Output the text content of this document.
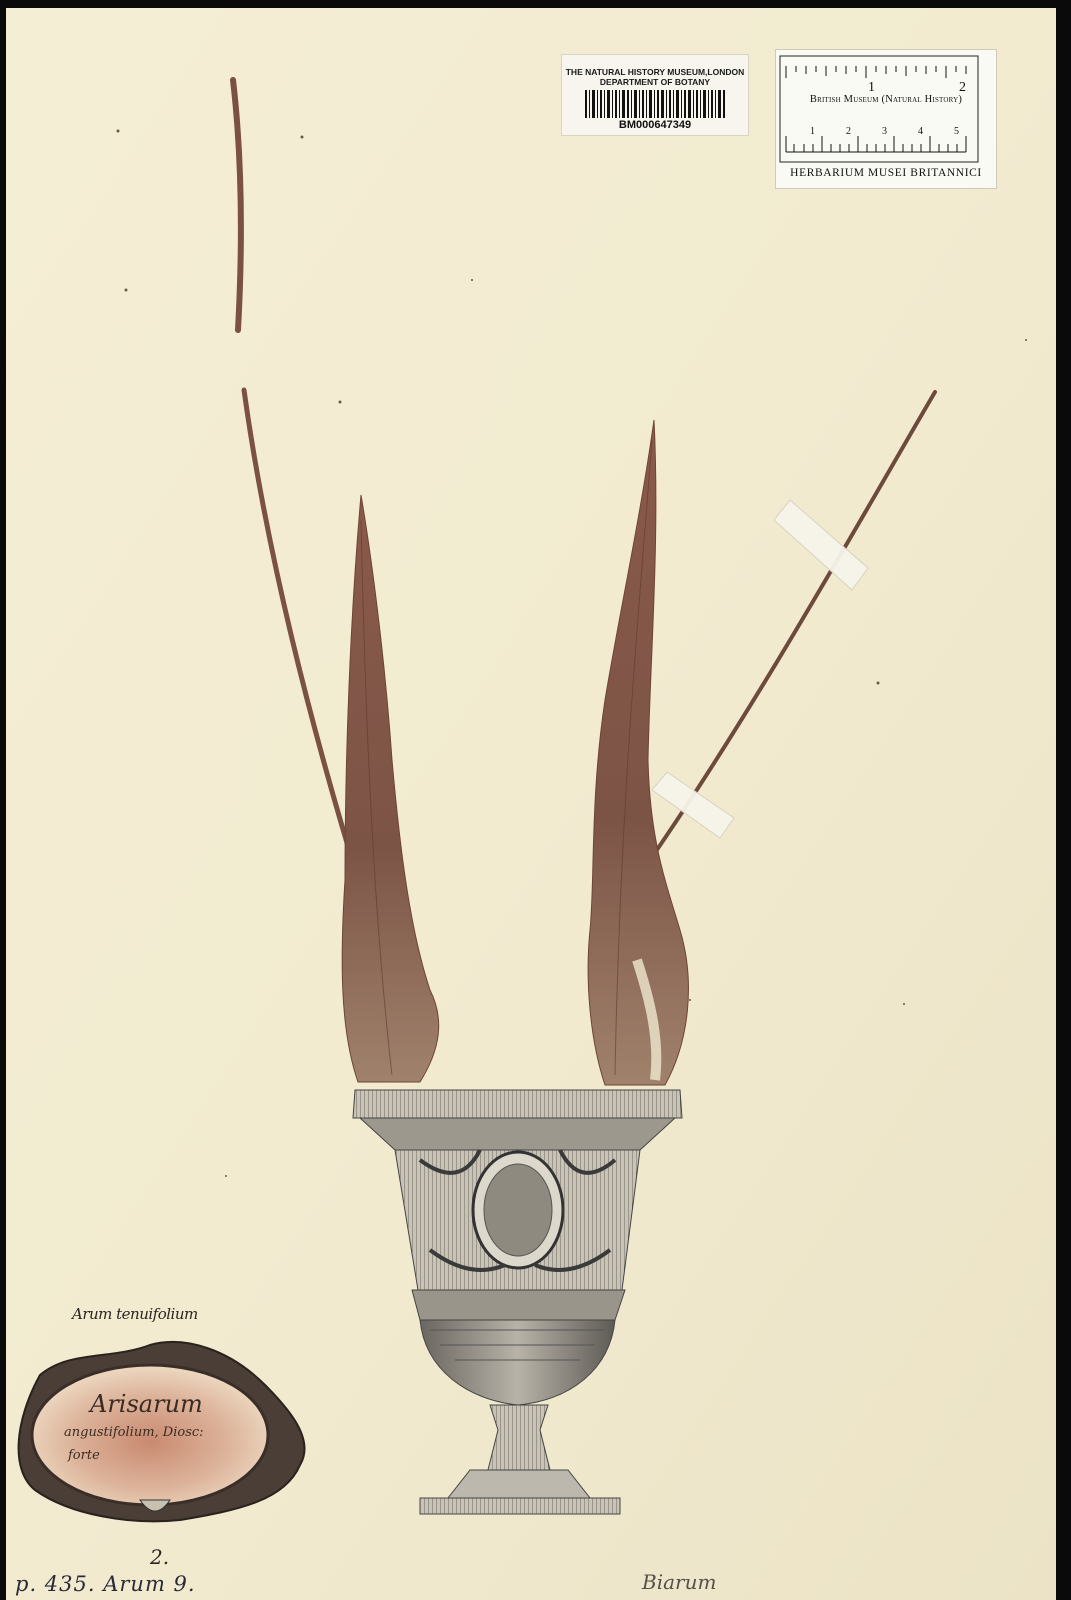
THE NATURAL HISTORY MUSEUM,LONDON
DEPARTMENT OF BOTANY
BM000647349
1	2
1	2	3	4	5
British Museum (Natural History)
HERBARIUM MUSEI BRITANNICI
Arum tenuifolium
Arisarum
angustifolium, Diosc:
forte
2.
p. 435. Arum 9.	Biarum
